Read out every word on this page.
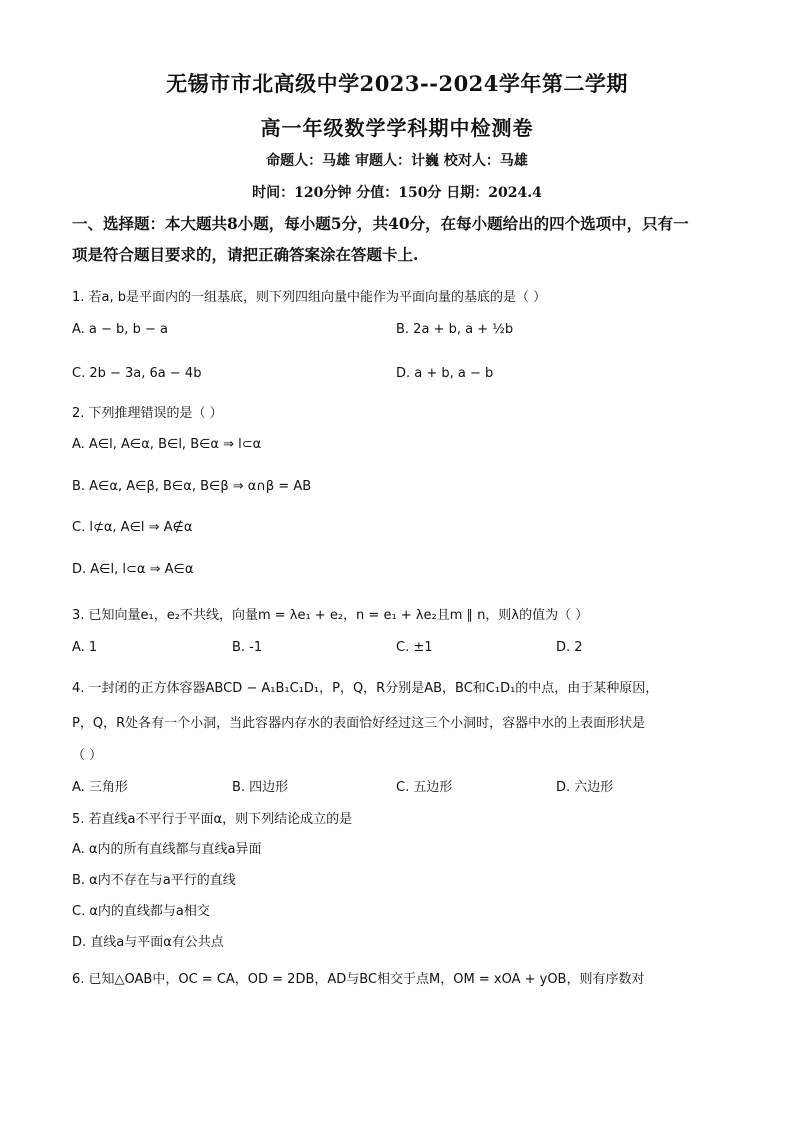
无锡市市北高级中学2023--2024学年第二学期
高一年级数学学科期中检测卷
命题人：马雄 审题人：计巍 校对人：马雄
时间：120分钟 分值：150分 日期：2024.4
一、选择题：本大题共8小题，每小题5分，共40分，在每小题给出的四个选项中，只有一
项是符合题目要求的，请把正确答案涂在答题卡上.
1. 若a, b是平面内的一组基底，则下列四组向量中能作为平面向量的基底的是（ ）
A. a − b, b − a	B. 2a + b, a + ½b
C. 2b − 3a, 6a − 4b	D. a + b, a − b
2. 下列推理错误的是（ ）
A. A∈l, A∈α, B∈l, B∈α ⇒ l⊂α
B. A∈α, A∈β, B∈α, B∈β ⇒ α∩β = AB
C. l⊄α, A∈l ⇒ A∉α
D. A∈l, l⊂α ⇒ A∈α
3. 已知向量e₁，e₂不共线，向量m = λe₁ + e₂，n = e₁ + λe₂且m ∥ n，则λ的值为（ ）
A. 1	B. -1	C. ±1	D. 2
4. 一封闭的正方体容器ABCD − A₁B₁C₁D₁，P，Q，R分别是AB，BC和C₁D₁的中点，由于某种原因，
P，Q，R处各有一个小洞，当此容器内存水的表面恰好经过这三个小洞时，容器中水的上表面形状是
（ ）
A. 三角形	B. 四边形	C. 五边形	D. 六边形
5. 若直线a不平行于平面α，则下列结论成立的是
A. α内的所有直线都与直线a异面
B. α内不存在与a平行的直线
C. α内的直线都与a相交
D. 直线a与平面α有公共点
6. 已知△OAB中，OC = CA，OD = 2DB，AD与BC相交于点M，OM = xOA + yOB，则有序数对
